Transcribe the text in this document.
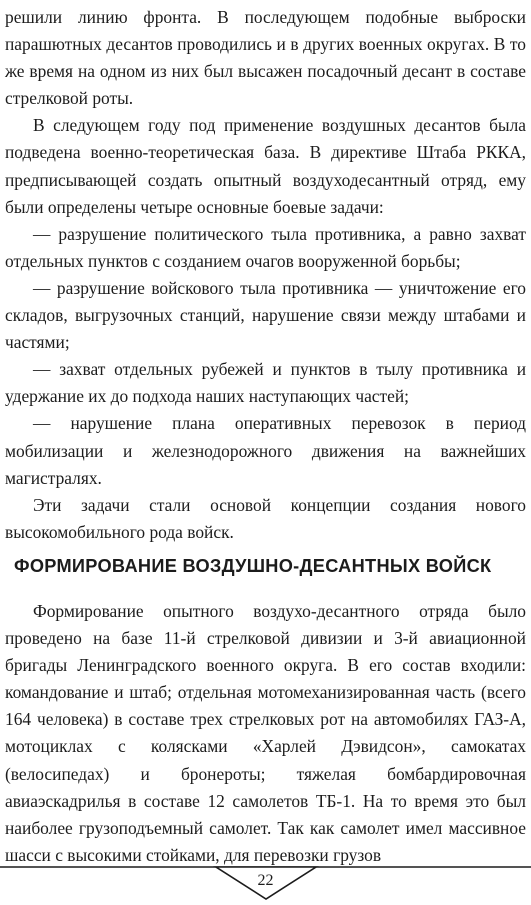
решили линию фронта. В последующем подобные выброски парашютных десантов проводились и в других военных округах. В то же время на одном из них был высажен посадочный десант в составе стрелковой роты.

В следующем году под применение воздушных десантов была подведена военно-теоретическая база. В директиве Штаба РККА, предписывающей создать опытный воздуходесантный отряд, ему были определены четыре основные боевые задачи:

— разрушение политического тыла противника, а равно захват отдельных пунктов с созданием очагов вооруженной борьбы;

— разрушение войскового тыла противника — уничтожение его складов, выгрузочных станций, нарушение связи между штабами и частями;

— захват отдельных рубежей и пунктов в тылу противника и удержание их до подхода наших наступающих частей;

— нарушение плана оперативных перевозок в период мобилизации и железнодорожного движения на важнейших магистралях.

Эти задачи стали основой концепции создания нового высокомобильного рода войск.

Формирование опытного воздухо-десантного отряда было проведено на базе 11-й стрелковой дивизии и 3-й авиационной бригады Ленинградского военного округа. В его состав входили: командование и штаб; отдельная мотомеханизированная часть (всего 164 человека) в составе трех стрелковых рот на автомобилях ГАЗ-А, мотоциклах с колясками «Харлей Дэвидсон», самокатах (велосипедах) и бронероты; тяжелая бомбардировочная авиаэскадрилья в составе 12 самолетов ТБ-1. На то время это был наиболее грузоподъемный самолет. Так как самолет имел массивное шасси с высокими стойками, для перевозки грузов

ФОРМИРОВАНИЕ ВОЗДУШНО-ДЕСАНТНЫХ ВОЙСК
22
